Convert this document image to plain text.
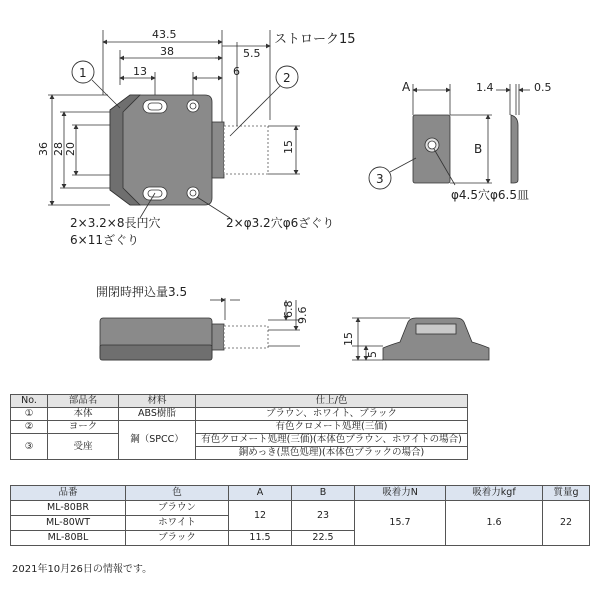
43.5
38	5.5
ストローク15
13	6
36 28 20	15
1	2
2×3.2×8長円穴
6×11ざぐり
2×φ3.2穴φ6ざぐり
A
B
1.4	0.5
3
φ4.5穴φ6.5皿
開閉時押込量3.5
6.8 9.6
15
5
No.	部品名	材料	仕上/色
①	本体	ABS樹脂	ブラウン、ホワイト、ブラック
②	ヨーク	鋼（SPCC）	有色クロメート処理(三価)
③	受座		有色クロメート処理(三価)(本体色ブラウン、ホワイトの場合)
			銅めっき(黒色処理)(本体色ブラックの場合)
品番	色	A	B	吸着力N	吸着力kgf	質量g
ML-80BR	ブラウン	12	23	15.7	1.6	22
ML-80WT	ホワイト					
ML-80BL	ブラック	11.5	22.5			
2021年10月26日の情報です。
